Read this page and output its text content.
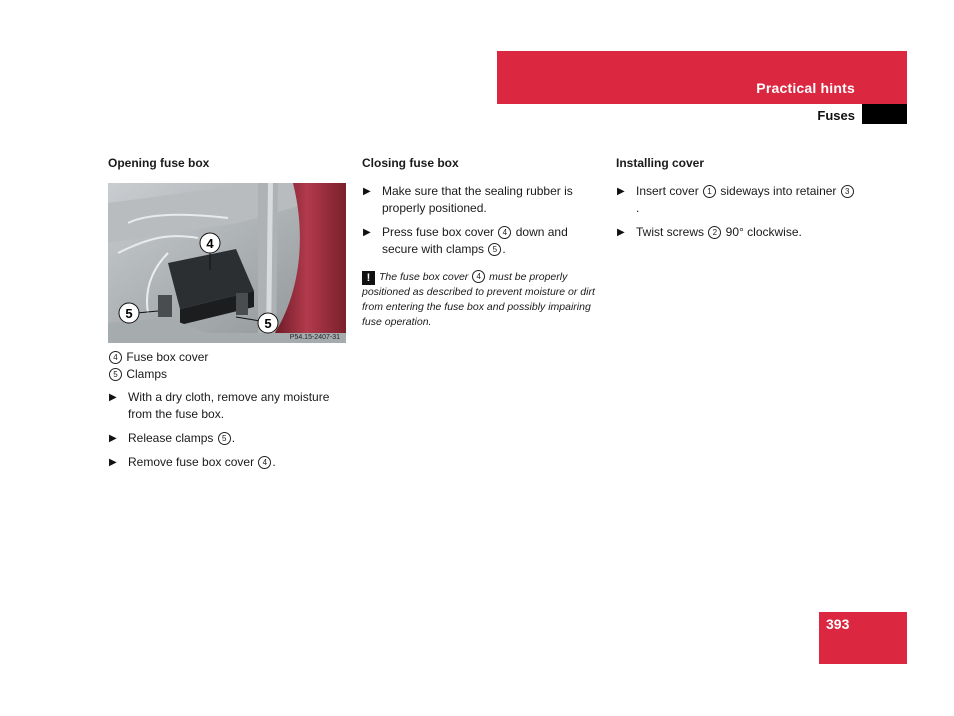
Practical hints
Fuses
393
Opening fuse box
4
5
5
P54.15-2407-31
4 Fuse box cover
5 Clamps
▶ With a dry cloth, remove any moisture from the fuse box.
▶ Release clamps 5 .
▶ Remove fuse box cover 4 .
Closing fuse box
▶ Make sure that the sealing rubber is properly positioned.
▶ Press fuse box cover 4 down and secure with clamps 5 .
! The fuse box cover 4 must be properly positioned as described to prevent moisture or dirt from entering the fuse box and possibly impairing fuse operation.
Installing cover
▶ Insert cover 1 sideways into retainer 3.
▶ Twist screws 2 90° clockwise.
